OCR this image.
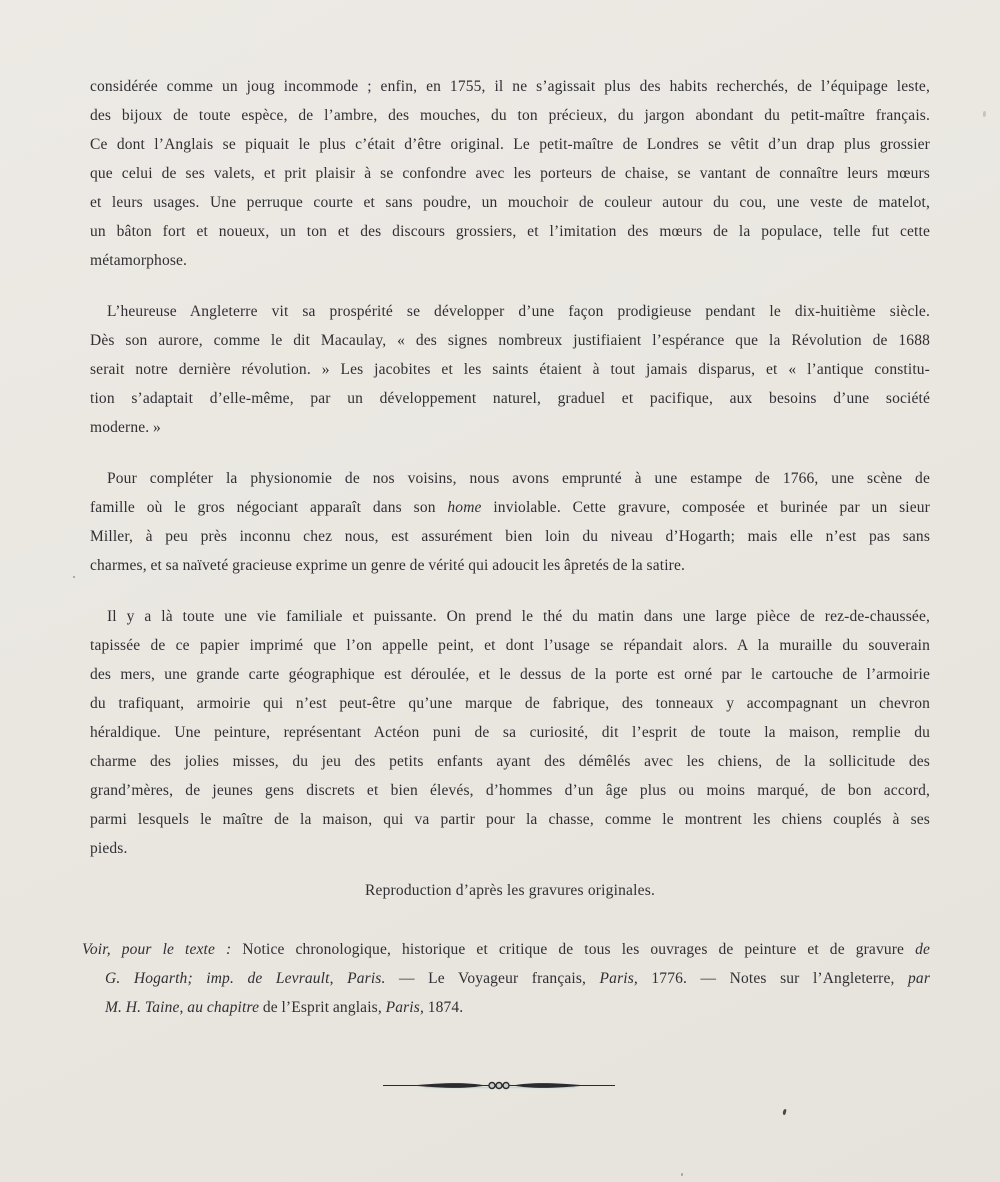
considérée comme un joug incommode ; enfin, en 1755, il ne s’agissait plus des habits recherchés, de l’équipage leste,
des bijoux de toute espèce, de l’ambre, des mouches, du ton précieux, du jargon abondant du petit-maître français.
Ce dont l’Anglais se piquait le plus c’était d’être original. Le petit-maître de Londres se vêtit d’un drap plus grossier
que celui de ses valets, et prit plaisir à se confondre avec les porteurs de chaise, se vantant de connaître leurs mœurs
et leurs usages. Une perruque courte et sans poudre, un mouchoir de couleur autour du cou, une veste de matelot,
un bâton fort et noueux, un ton et des discours grossiers, et l’imitation des mœurs de la populace, telle fut cette
métamorphose.
L’heureuse Angleterre vit sa prospérité se développer d’une façon prodigieuse pendant le dix-huitième siècle.
Dès son aurore, comme le dit Macaulay, « des signes nombreux justifiaient l’espérance que la Révolution de 1688
serait notre dernière révolution. » Les jacobites et les saints étaient à tout jamais disparus, et « l’antique constitu-
tion s’adaptait d’elle-même, par un développement naturel, graduel et pacifique, aux besoins d’une société
moderne. »
Pour compléter la physionomie de nos voisins, nous avons emprunté à une estampe de 1766, une scène de
famille où le gros négociant apparaît dans son home inviolable. Cette gravure, composée et burinée par un sieur
Miller, à peu près inconnu chez nous, est assurément bien loin du niveau d’Hogarth; mais elle n’est pas sans
charmes, et sa naïveté gracieuse exprime un genre de vérité qui adoucit les âpretés de la satire.
Il y a là toute une vie familiale et puissante. On prend le thé du matin dans une large pièce de rez-de-chaussée,
tapissée de ce papier imprimé que l’on appelle peint, et dont l’usage se répandait alors. A la muraille du souverain
des mers, une grande carte géographique est déroulée, et le dessus de la porte est orné par le cartouche de l’armoirie
du trafiquant, armoirie qui n’est peut-être qu’une marque de fabrique, des tonneaux y accompagnant un chevron
héraldique. Une peinture, représentant Actéon puni de sa curiosité, dit l’esprit de toute la maison, remplie du
charme des jolies misses, du jeu des petits enfants ayant des démêlés avec les chiens, de la sollicitude des
grand’mères, de jeunes gens discrets et bien élevés, d’hommes d’un âge plus ou moins marqué, de bon accord,
parmi lesquels le maître de la maison, qui va partir pour la chasse, comme le montrent les chiens couplés à ses
pieds.
Reproduction d’après les gravures originales.
Voir, pour le texte : Notice chronologique, historique et critique de tous les ouvrages de peinture et de gravure de
G. Hogarth; imp. de Levrault, Paris. — Le Voyageur français, Paris, 1776. — Notes sur l’Angleterre, par
M. H. Taine, au chapitre de l’Esprit anglais, Paris, 1874.
